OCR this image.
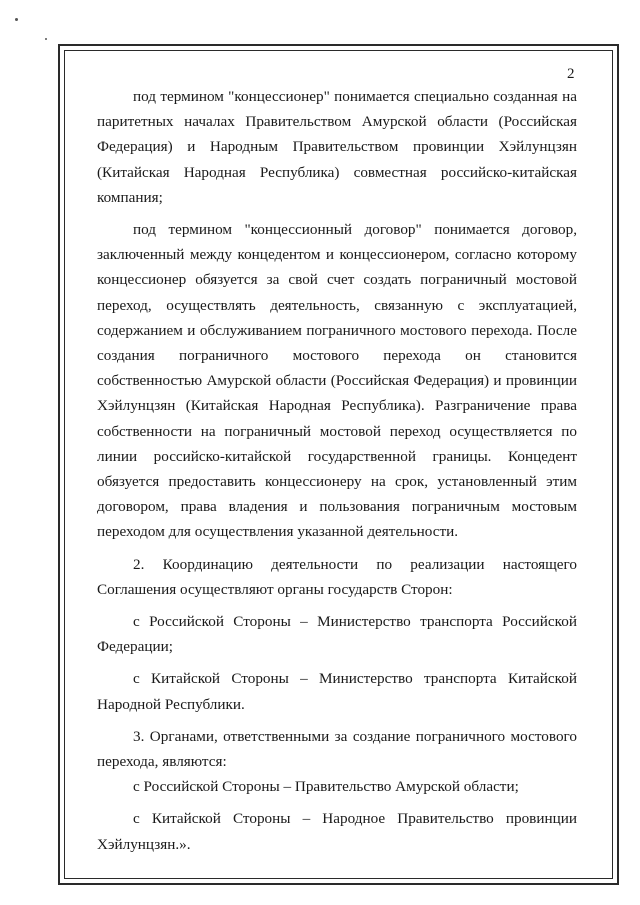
2

под термином "концессионер" понимается специально созданная на паритетных началах Правительством Амурской области (Российская Федерация) и Народным Правительством провинции Хэйлунцзян (Китайская Народная Республика) совместная российско-китайская компания;

под термином "концессионный договор" понимается договор, заключенный между концедентом и концессионером, согласно которому концессионер обязуется за свой счет создать пограничный мостовой переход, осуществлять деятельность, связанную с эксплуатацией, содержанием и обслуживанием пограничного мостового перехода. После создания пограничного мостового перехода он становится собственностью Амурской области (Российская Федерация) и провинции Хэйлунцзян (Китайская Народная Республика). Разграничение права собственности на пограничный мостовой переход осуществляется по линии российско-китайской государственной границы. Концедент обязуется предоставить концессионеру на срок, установленный этим договором, права владения и пользования пограничным мостовым переходом для осуществления указанной деятельности.

2. Координацию деятельности по реализации настоящего Соглашения осуществляют органы государств Сторон:

с Российской Стороны – Министерство транспорта Российской Федерации;

с Китайской Стороны – Министерство транспорта Китайской Народной Республики.

3. Органами, ответственными за создание пограничного мостового перехода, являются:

с Российской Стороны – Правительство Амурской области;

с Китайской Стороны – Народное Правительство провинции Хэйлунцзян.».
